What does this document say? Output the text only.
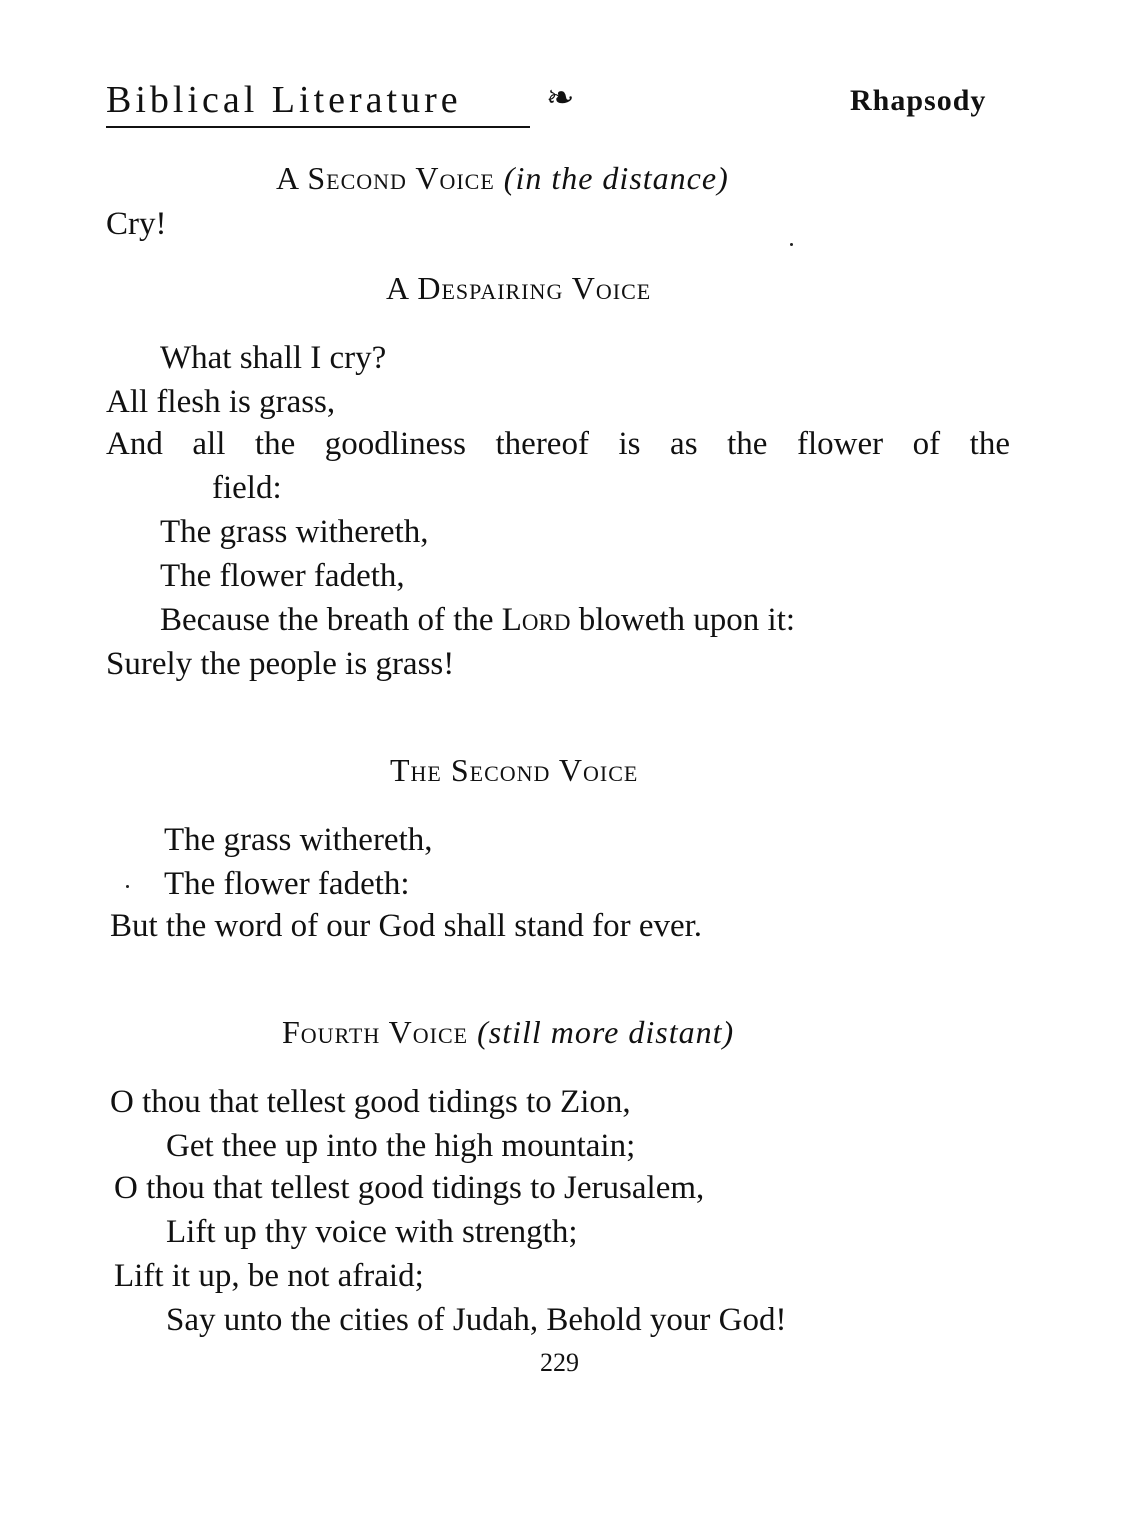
Biblical Literature ❧	Rhapsody
A Second Voice (in the distance)
Cry!
A Despairing Voice
What shall I cry?
All flesh is grass,
And all the goodliness thereof is as the flower of the
field:
The grass withereth,
The flower fadeth,
Because the breath of the Lord bloweth upon it:
Surely the people is grass!
The Second Voice
The grass withereth,
The flower fadeth:
But the word of our God shall stand for ever.
Fourth Voice (still more distant)
O thou that tellest good tidings to Zion,
Get thee up into the high mountain;
O thou that tellest good tidings to Jerusalem,
Lift up thy voice with strength;
Lift it up, be not afraid;
Say unto the cities of Judah, Behold your God!
229
